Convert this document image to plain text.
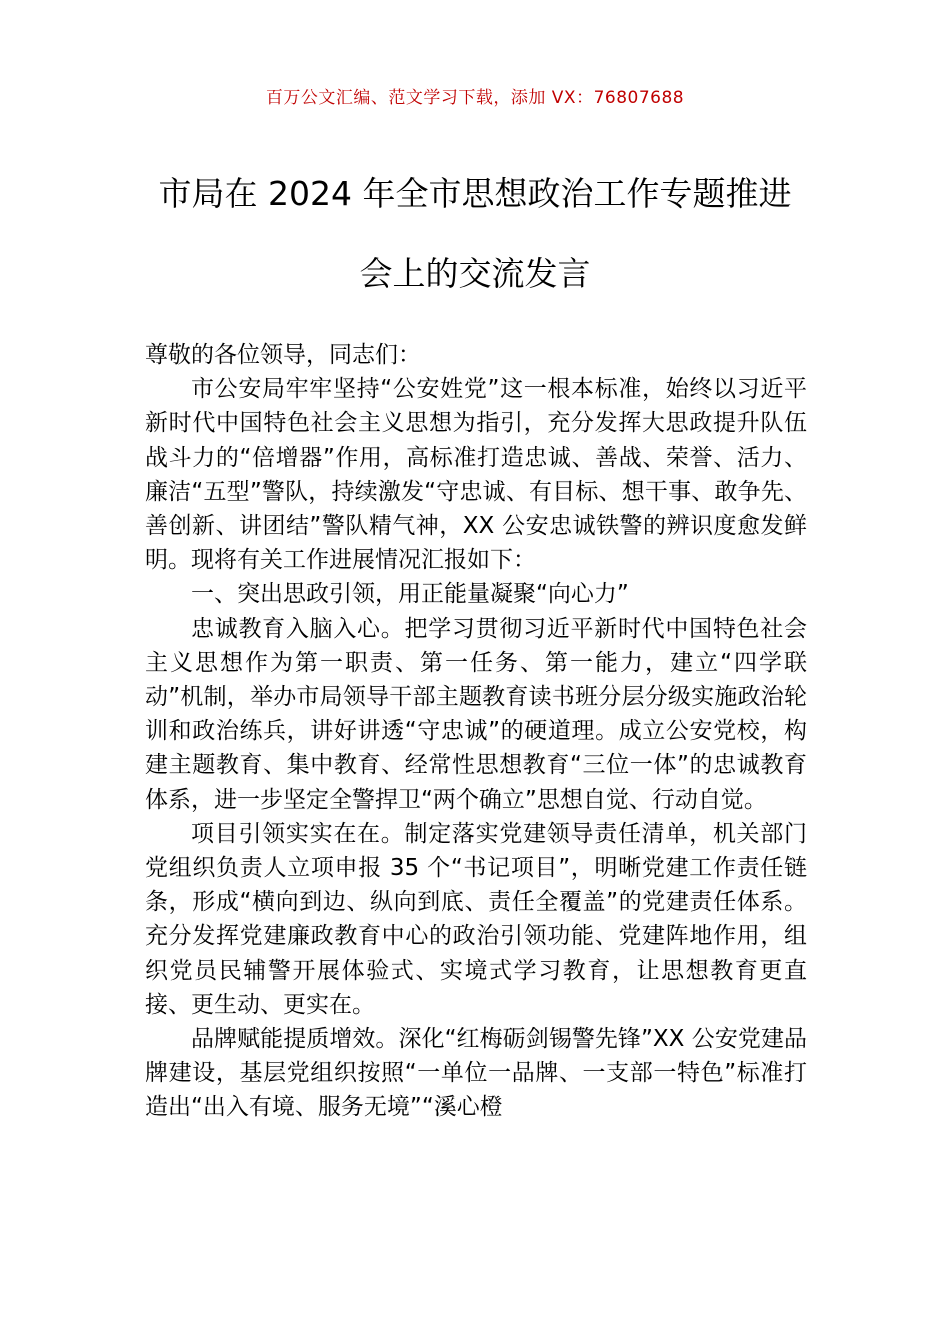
百万公文汇编、范文学习下载，添加 VX：76807688
市局在 2024 年全市思想政治工作专题推进
会上的交流发言

尊敬的各位领导，同志们：

市公安局牢牢坚持“公安姓党”这一根本标准，始终以习近平新时代中国特色社会主义思想为指引，充分发挥大思政提升队伍战斗力的“倍增器”作用，高标准打造忠诚、善战、荣誉、活力、廉洁“五型”警队，持续激发“守忠诚、有目标、想干事、敢争先、善创新、讲团结”警队精气神，XX 公安忠诚铁警的辨识度愈发鲜明。现将有关工作进展情况汇报如下：

一、突出思政引领，用正能量凝聚“向心力”

忠诚教育入脑入心。把学习贯彻习近平新时代中国特色社会主义思想作为第一职责、第一任务、第一能力，建立“四学联动”机制，举办市局领导干部主题教育读书班分层分级实施政治轮训和政治练兵，讲好讲透“守忠诚”的硬道理。成立公安党校，构建主题教育、集中教育、经常性思想教育“三位一体”的忠诚教育体系，进一步坚定全警捍卫“两个确立”思想自觉、行动自觉。

项目引领实实在在。制定落实党建领导责任清单，机关部门党组织负责人立项申报 35 个“书记项目”，明晰党建工作责任链条，形成“横向到边、纵向到底、责任全覆盖”的党建责任体系。充分发挥党建廉政教育中心的政治引领功能、党建阵地作用，组织党员民辅警开展体验式、实境式学习教育，让思想教育更直接、更生动、更实在。

品牌赋能提质增效。深化“红梅砺剑锡警先锋”XX 公安党建品牌建设，基层党组织按照“一单位一品牌、一支部一特色”标准打造出“出入有境、服务无境”“溪心橙
